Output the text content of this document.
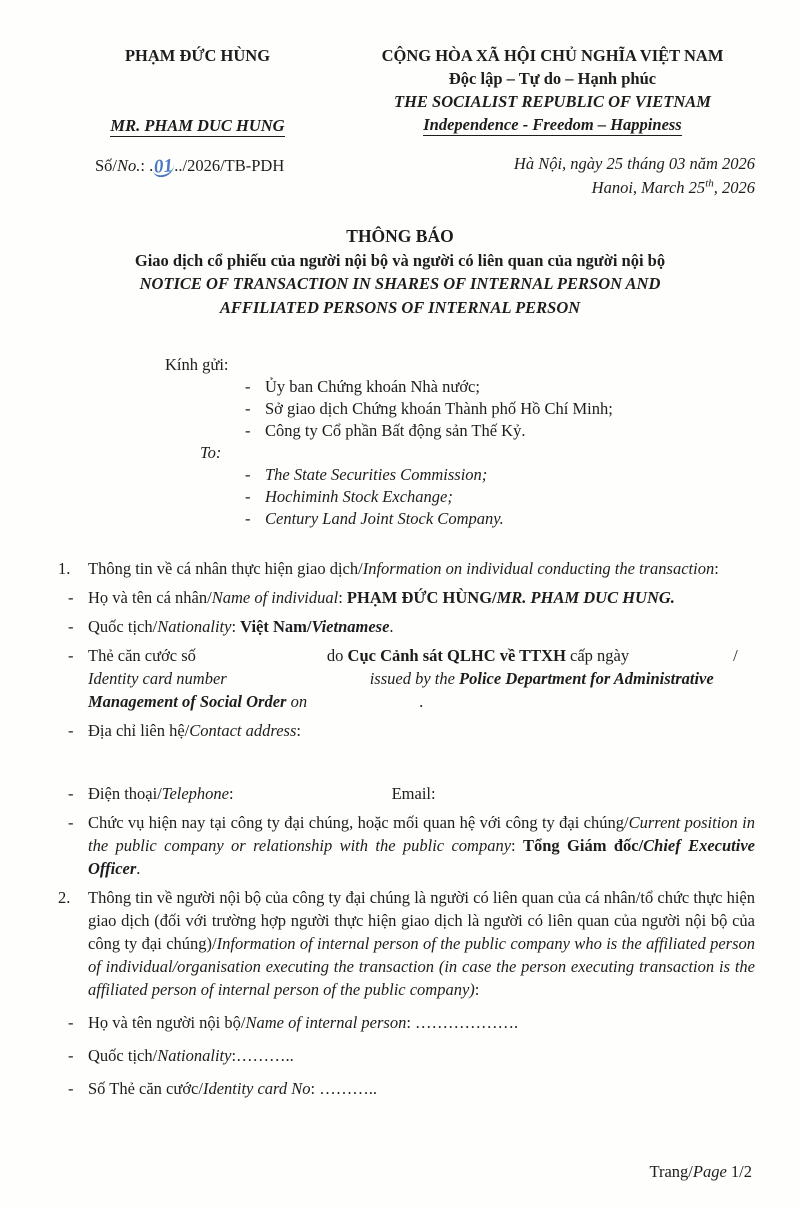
PHẠM ĐỨC HÙNG
MR. PHAM DUC HUNG
Số/No.: .01../2026/TB-PDH
CỘNG HÒA XÃ HỘI CHỦ NGHĨA VIỆT NAM
Độc lập – Tự do – Hạnh phúc
THE SOCIALIST REPUBLIC OF VIETNAM
Independence - Freedom – Happiness
Hà Nội, ngày 25 tháng 03 năm 2026
Hanoi, March 25th, 2026
THÔNG BÁO
Giao dịch cổ phiếu của người nội bộ và người có liên quan của người nội bộ
NOTICE OF TRANSACTION IN SHARES OF INTERNAL PERSON AND
AFFILIATED PERSONS OF INTERNAL PERSON
Kính gửi:
- Ủy ban Chứng khoán Nhà nước;
- Sở giao dịch Chứng khoán Thành phố Hồ Chí Minh;
- Công ty Cổ phần Bất động sản Thế Kỷ.
To:
- The State Securities Commission;
- Hochiminh Stock Exchange;
- Century Land Joint Stock Company.
1.	Thông tin về cá nhân thực hiện giao dịch/Information on individual conducting the transaction:
- Họ và tên cá nhân/Name of individual: PHẠM ĐỨC HÙNG/MR. PHAM DUC HUNG.
- Quốc tịch/Nationality: Việt Nam/Vietnamese.
- Thẻ căn cước số	do Cục Cảnh sát QLHC về TTXH cấp ngày	/
Identity card number	issued by the Police Department for Administrative
Management of Social Order on	.
- Địa chỉ liên hệ/Contact address:
- Điện thoại/Telephone:	Email:
- Chức vụ hiện nay tại công ty đại chúng, hoặc mối quan hệ với công ty đại chúng/Current position in the public company or relationship with the public company: Tổng Giám đốc/Chief Executive Officer.
2.	Thông tin về người nội bộ của công ty đại chúng là người có liên quan của cá nhân/tổ chức thực hiện giao dịch (đối với trường hợp người thực hiện giao dịch là người có liên quan của người nội bộ của công ty đại chúng)/Information of internal person of the public company who is the affiliated person of individual/organisation executing the transaction (in case the person executing transaction is the affiliated person of internal person of the public company):
- Họ và tên người nội bộ/Name of internal person: ……………….
- Quốc tịch/Nationality:………..
- Số Thẻ căn cước/Identity card No: ………..
Trang/Page 1/2
